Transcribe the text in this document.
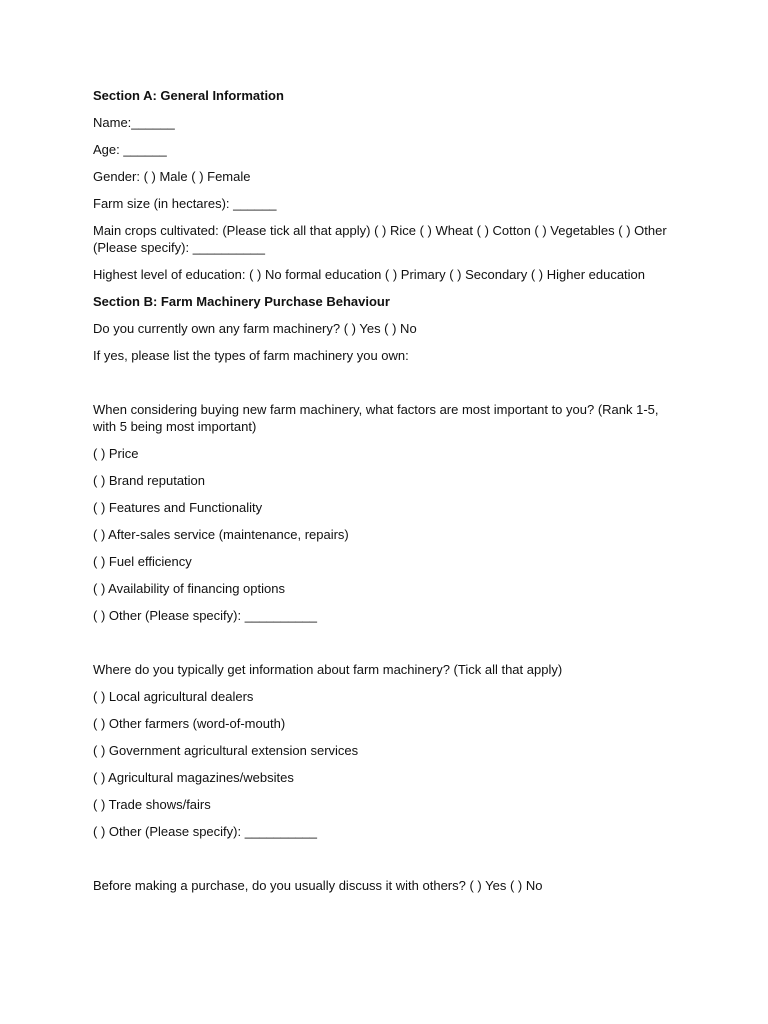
Section A: General Information
Name:______
Age: ______
Gender: ( ) Male ( ) Female
Farm size (in hectares): ______
Main crops cultivated: (Please tick all that apply) ( ) Rice ( ) Wheat ( ) Cotton ( ) Vegetables ( ) Other (Please specify): __________
Highest level of education: ( ) No formal education ( ) Primary ( ) Secondary ( ) Higher education
Section B: Farm Machinery Purchase Behaviour
Do you currently own any farm machinery? ( ) Yes ( ) No
If yes, please list the types of farm machinery you own:
When considering buying new farm machinery, what factors are most important to you? (Rank 1-5, with 5 being most important)
( ) Price
( ) Brand reputation
( ) Features and Functionality
( ) After-sales service (maintenance, repairs)
( ) Fuel efficiency
( ) Availability of financing options
( ) Other (Please specify): __________
Where do you typically get information about farm machinery? (Tick all that apply)
( ) Local agricultural dealers
( ) Other farmers (word-of-mouth)
( ) Government agricultural extension services
( ) Agricultural magazines/websites
( ) Trade shows/fairs
( ) Other (Please specify): __________
Before making a purchase, do you usually discuss it with others? ( ) Yes ( ) No
